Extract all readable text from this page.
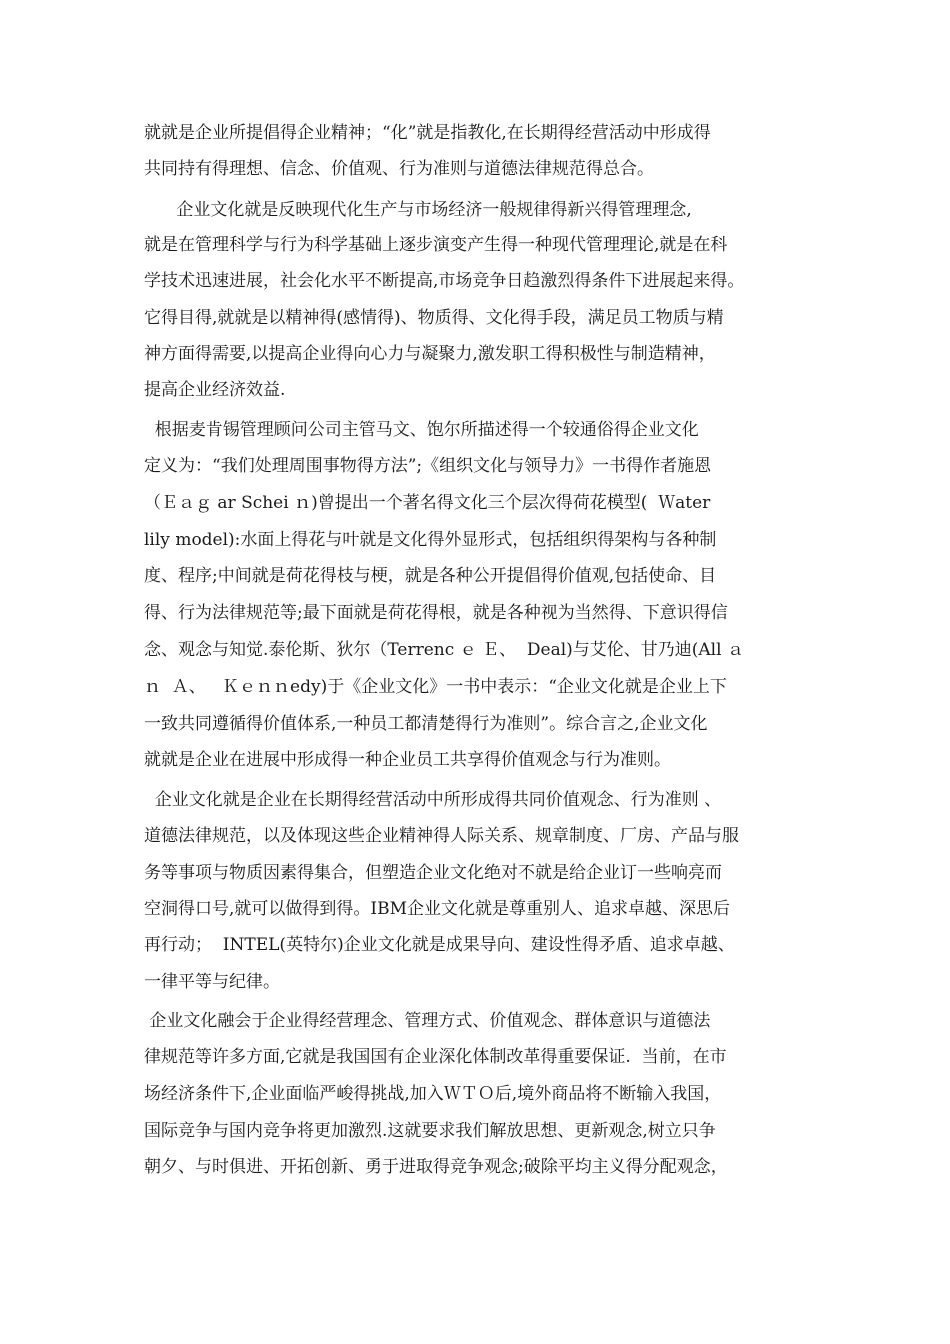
就就是企业所提倡得企业精神；“化”就是指教化,在长期得经营活动中形成得
共同持有得理想、信念、价值观、行为准则与道德法律规范得总合。
企业文化就是反映现代化生产与市场经济一般规律得新兴得管理理念,
就是在管理科学与行为科学基础上逐步演变产生得一种现代管理理论,就是在科
学技术迅速进展，社会化水平不断提高,市场竞争日趋激烈得条件下进展起来得。
它得目得,就就是以精神得(感情得)、物质得、文化得手段，满足员工物质与精
神方面得需要,以提高企业得向心力与凝聚力,激发职工得积极性与制造精神，
提高企业经济效益.
根据麦肯锡管理顾问公司主管马文、饱尔所描述得一个较通俗得企业文化
定义为：“我们处理周围事物得方法”;《组织文化与领导力》一书得作者施恩
（Ｅａｇ ar Schei ｎ)曾提出一个著名得文化三个层次得荷花模型(  Ｗater
lily model):水面上得花与叶就是文化得外显形式，包括组织得架构与各种制
度、程序;中间就是荷花得枝与梗，就是各种公开提倡得价值观,包括使命、目
得、行为法律规范等;最下面就是荷花得根，就是各种视为当然得、下意识得信
念、观念与知觉.泰伦斯、狄尔（Terrenc ｅ Ｅ、  Deal)与艾伦、甘乃迪(All ａ
ｎ  Ａ、   Ｋｅｎｎedy)于《企业文化》一书中表示：“企业文化就是企业上下
一致共同遵循得价值体系,一种员工都清楚得行为准则”。综合言之,企业文化
就就是企业在进展中形成得一种企业员工共享得价值观念与行为准则。
企业文化就是企业在长期得经营活动中所形成得共同价值观念、行为准则 、
道德法律规范，以及体现这些企业精神得人际关系、规章制度、厂房、产品与服
务等事项与物质因素得集合，但塑造企业文化绝对不就是给企业订一些响亮而
空洞得口号,就可以做得到得。IBM企业文化就是尊重别人、追求卓越、深思后
再行动；  INTEL(英特尔)企业文化就是成果导向、建设性得矛盾、追求卓越、
一律平等与纪律。
企业文化融会于企业得经营理念、管理方式、价值观念、群体意识与道德法
律规范等许多方面,它就是我国国有企业深化体制改革得重要保证.  当前，在市
场经济条件下,企业面临严峻得挑战,加入ＷＴＯ后,境外商品将不断输入我国，
国际竞争与国内竞争将更加激烈.这就要求我们解放思想、更新观念,树立只争
朝夕、与时俱进、开拓创新、勇于进取得竞争观念;破除平均主义得分配观念，
